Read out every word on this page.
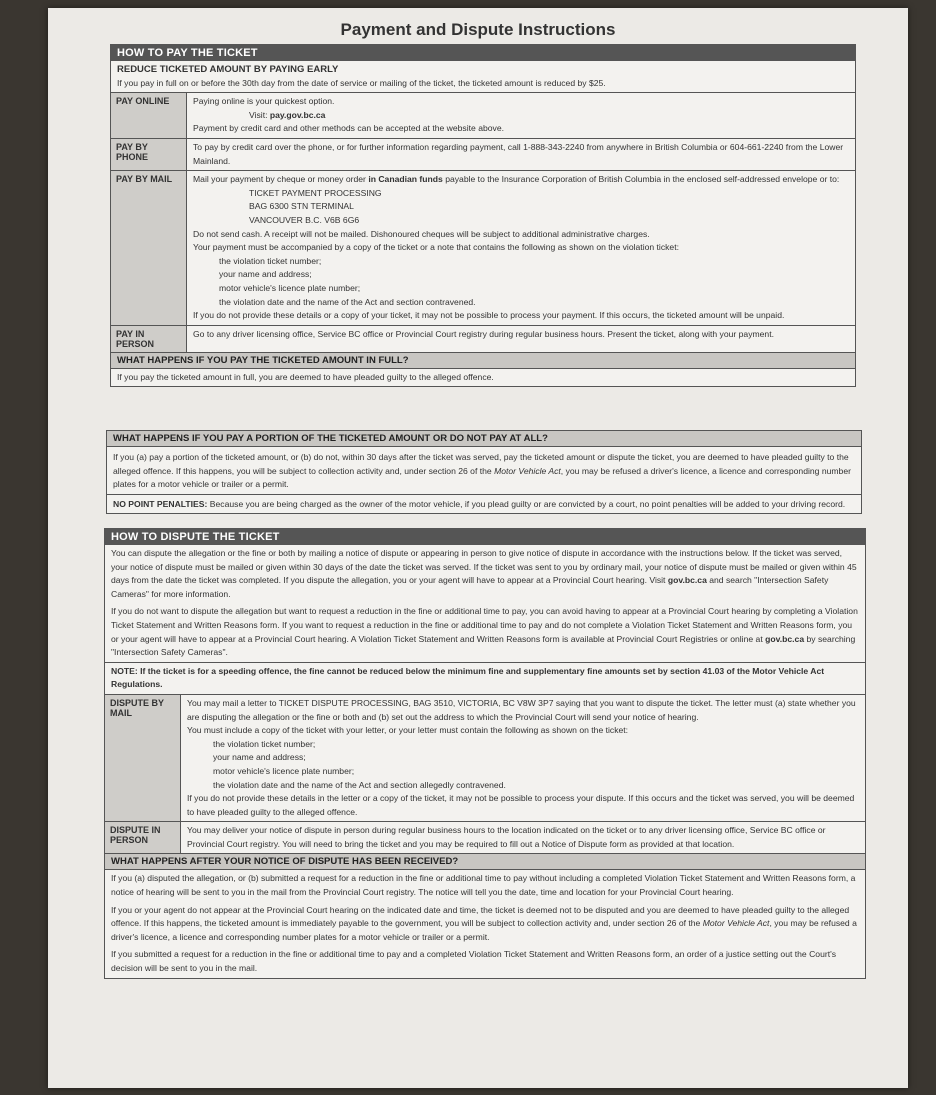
Payment and Dispute Instructions
HOW TO PAY THE TICKET
REDUCE TICKETED AMOUNT BY PAYING EARLY
If you pay in full on or before the 30th day from the date of service or mailing of the ticket, the ticketed amount is reduced by $25.
PAY ONLINE	Paying online is your quickest option.
Visit: pay.gov.bc.ca
Payment by credit card and other methods can be accepted at the website above.
PAY BY PHONE
To pay by credit card over the phone, or for further information regarding payment, call 1-888-343-2240 from anywhere in British Columbia or 604-661-2240 from the Lower Mainland.
PAY BY MAIL	Mail your payment by cheque or money order in Canadian funds payable to the Insurance Corporation of British Columbia in the enclosed self-addressed envelope or to:
TICKET PAYMENT PROCESSING
BAG 6300 STN TERMINAL
VANCOUVER B.C. V6B 6G6
Do not send cash. A receipt will not be mailed. Dishonoured cheques will be subject to additional administrative charges.
Your payment must be accompanied by a copy of the ticket or a note that contains the following as shown on the violation ticket:
the violation ticket number;
your name and address;
motor vehicle's licence plate number;
the violation date and the name of the Act and section contravened.
If you do not provide these details or a copy of your ticket, it may not be possible to process your payment. If this occurs, the ticketed amount will be unpaid.
PAY IN PERSON
Go to any driver licensing office, Service BC office or Provincial Court registry during regular business hours. Present the ticket, along with your payment.
WHAT HAPPENS IF YOU PAY THE TICKETED AMOUNT IN FULL?
If you pay the ticketed amount in full, you are deemed to have pleaded guilty to the alleged offence.
WHAT HAPPENS IF YOU PAY A PORTION OF THE TICKETED AMOUNT OR DO NOT PAY AT ALL?
If you (a) pay a portion of the ticketed amount, or (b) do not, within 30 days after the ticket was served, pay the ticketed amount or dispute the ticket, you are deemed to have pleaded guilty to the alleged offence. If this happens, you will be subject to collection activity and, under section 26 of the Motor Vehicle Act, you may be refused a driver's licence, a licence and corresponding number plates for a motor vehicle or trailer or a permit.
NO POINT PENALTIES: Because you are being charged as the owner of the motor vehicle, if you plead guilty or are convicted by a court, no point penalties will be added to your driving record.
HOW TO DISPUTE THE TICKET
You can dispute the allegation or the fine or both by mailing a notice of dispute or appearing in person to give notice of dispute in accordance with the instructions below. If the ticket was served, your notice of dispute must be mailed or given within 30 days of the date the ticket was served. If the ticket was sent to you by ordinary mail, your notice of dispute must be mailed or given within 45 days from the date the ticket was completed. If you dispute the allegation, you or your agent will have to appear at a Provincial Court hearing. Visit gov.bc.ca and search "Intersection Safety Cameras" for more information.
If you do not want to dispute the allegation but want to request a reduction in the fine or additional time to pay, you can avoid having to appear at a Provincial Court hearing by completing a Violation Ticket Statement and Written Reasons form. If you want to request a reduction in the fine or additional time to pay and do not complete a Violation Ticket Statement and Written Reasons form, you or your agent will have to appear at a Provincial Court hearing. A Violation Ticket Statement and Written Reasons form is available at Provincial Court Registries or online at gov.bc.ca by searching "Intersection Safety Cameras".
NOTE: If the ticket is for a speeding offence, the fine cannot be reduced below the minimum fine and supplementary fine amounts set by section 41.03 of the Motor Vehicle Act Regulations.
DISPUTE BY MAIL
You may mail a letter to TICKET DISPUTE PROCESSING, BAG 3510, VICTORIA, BC V8W 3P7 saying that you want to dispute the ticket. The letter must (a) state whether you are disputing the allegation or the fine or both and (b) set out the address to which the Provincial Court will send your notice of hearing.
You must include a copy of the ticket with your letter, or your letter must contain the following as shown on the ticket:
the violation ticket number;
your name and address;
motor vehicle's licence plate number;
the violation date and the name of the Act and section allegedly contravened.
If you do not provide these details in the letter or a copy of the ticket, it may not be possible to process your dispute. If this occurs and the ticket was served, you will be deemed to have pleaded guilty to the alleged offence.
DISPUTE IN PERSON
You may deliver your notice of dispute in person during regular business hours to the location indicated on the ticket or to any driver licensing office, Service BC office or Provincial Court registry. You will need to bring the ticket and you may be required to fill out a Notice of Dispute form as provided at that location.
WHAT HAPPENS AFTER YOUR NOTICE OF DISPUTE HAS BEEN RECEIVED?
If you (a) disputed the allegation, or (b) submitted a request for a reduction in the fine or additional time to pay without including a completed Violation Ticket Statement and Written Reasons form, a notice of hearing will be sent to you in the mail from the Provincial Court registry. The notice will tell you the date, time and location for your Provincial Court hearing.
If you or your agent do not appear at the Provincial Court hearing on the indicated date and time, the ticket is deemed not to be disputed and you are deemed to have pleaded guilty to the alleged offence. If this happens, the ticketed amount is immediately payable to the government, you will be subject to collection activity and, under section 26 of the Motor Vehicle Act, you may be refused a driver's licence, a licence and corresponding number plates for a motor vehicle or trailer or a permit.
If you submitted a request for a reduction in the fine or additional time to pay and a completed Violation Ticket Statement and Written Reasons form, an order of a justice setting out the Court's decision will be sent to you in the mail.
